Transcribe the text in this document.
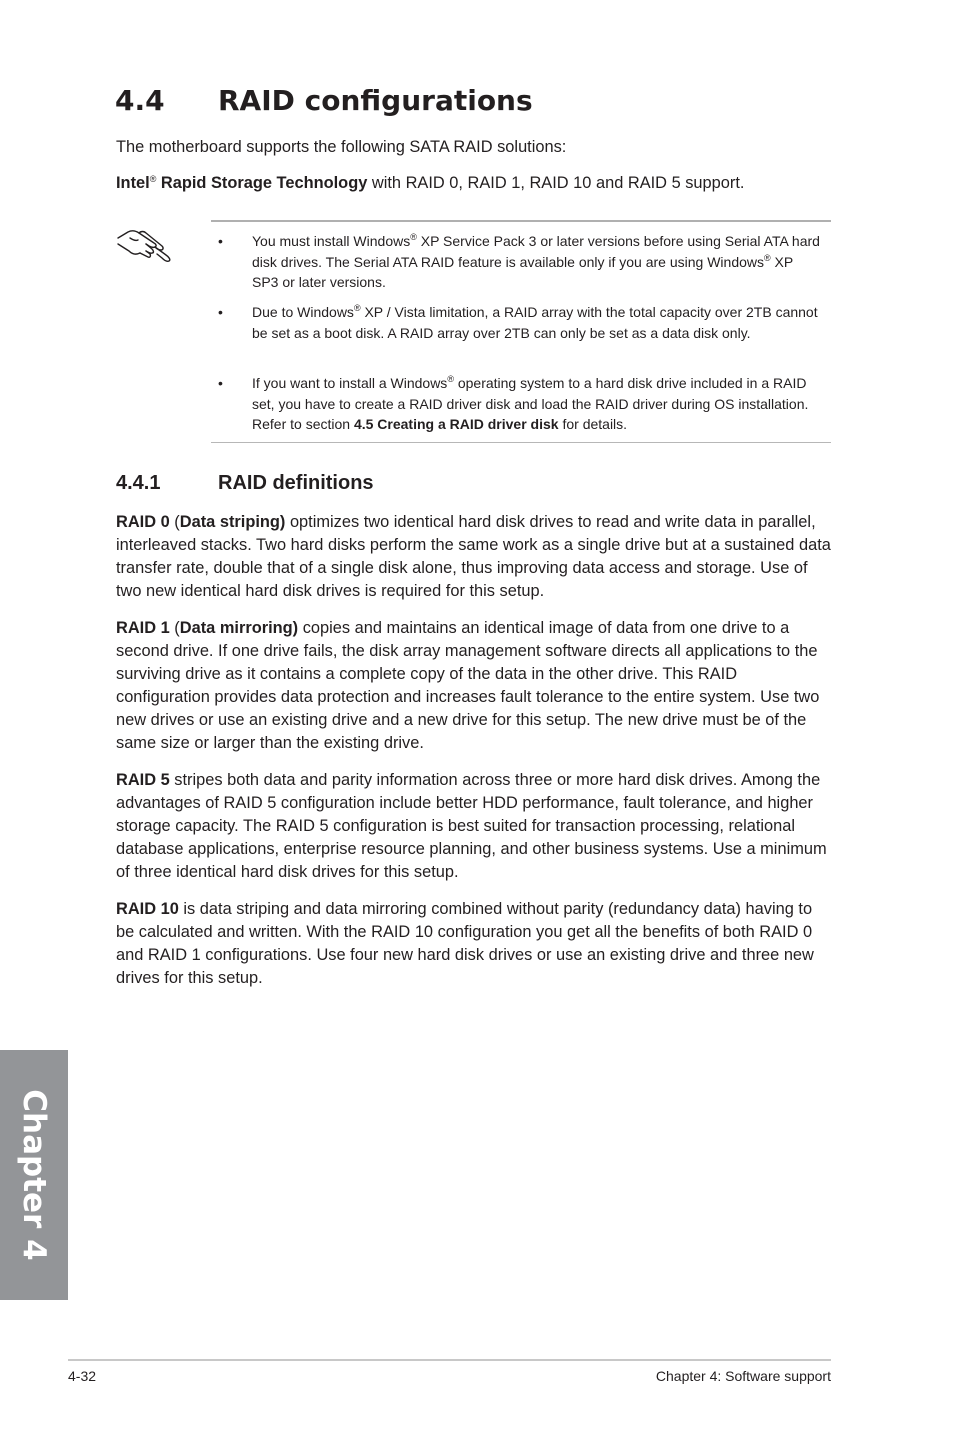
4.4 RAID configurations

The motherboard supports the following SATA RAID solutions:

Intel® Rapid Storage Technology with RAID 0, RAID 1, RAID 10 and RAID 5 support.

• You must install Windows® XP Service Pack 3 or later versions before using Serial ATA hard disk drives. The Serial ATA RAID feature is available only if you are using Windows® XP SP3 or later versions.
• Due to Windows® XP / Vista limitation, a RAID array with the total capacity over 2TB cannot be set as a boot disk. A RAID array over 2TB can only be set as a data disk only.
• If you want to install a Windows® operating system to a hard disk drive included in a RAID set, you have to create a RAID driver disk and load the RAID driver during OS installation. Refer to section 4.5 Creating a RAID driver disk for details.
4.4.1	RAID definitions

RAID 0 (Data striping) optimizes two identical hard disk drives to read and write data in parallel, interleaved stacks. Two hard disks perform the same work as a single drive but at a sustained data transfer rate, double that of a single disk alone, thus improving data access and storage. Use of two new identical hard disk drives is required for this setup.

RAID 1 (Data mirroring) copies and maintains an identical image of data from one drive to a second drive. If one drive fails, the disk array management software directs all applications to the surviving drive as it contains a complete copy of the data in the other drive. This RAID configuration provides data protection and increases fault tolerance to the entire system. Use two new drives or use an existing drive and a new drive for this setup. The new drive must be of the same size or larger than the existing drive.

RAID 5 stripes both data and parity information across three or more hard disk drives. Among the advantages of RAID 5 configuration include better HDD performance, fault tolerance, and higher storage capacity. The RAID 5 configuration is best suited for transaction processing, relational database applications, enterprise resource planning, and other business systems. Use a minimum of three identical hard disk drives for this setup.

RAID 10 is data striping and data mirroring combined without parity (redundancy data) having to be calculated and written. With the RAID 10 configuration you get all the benefits of both RAID 0 and RAID 1 configurations. Use four new hard disk drives or use an existing drive and three new drives for this setup.

Chapter 4
4-32	Chapter 4: Software support
